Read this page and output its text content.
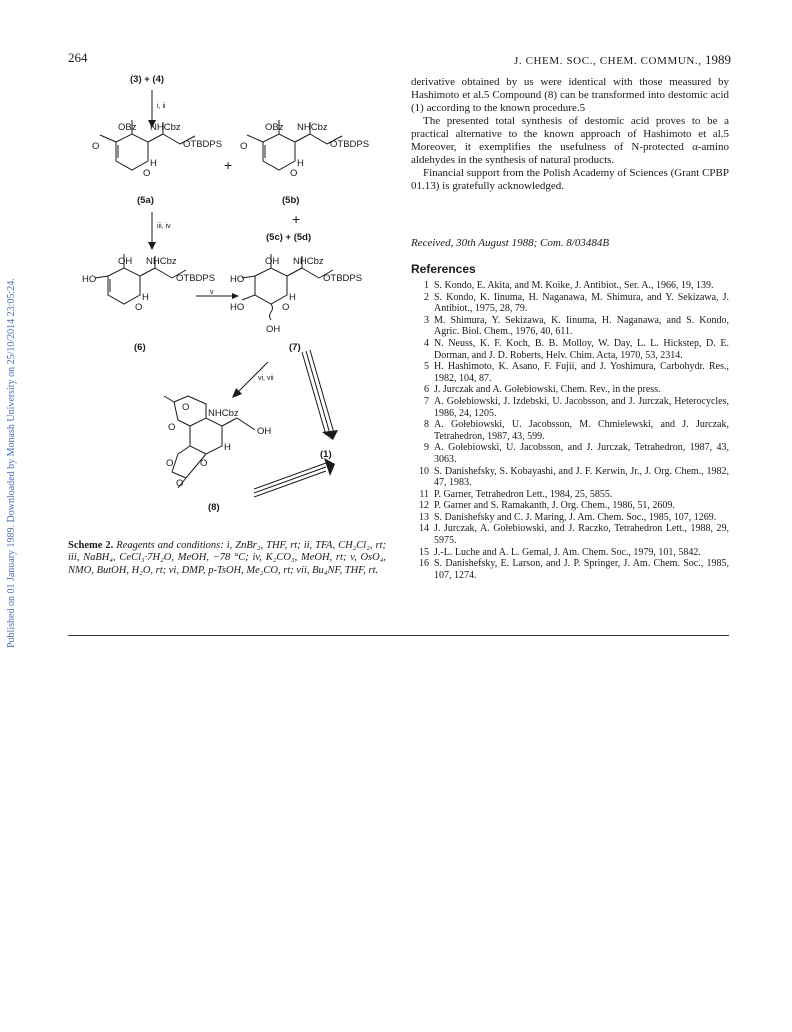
264	J. CHEM. SOC., CHEM. COMMUN., 1989
Published on 01 January 1989. Downloaded by Monash University on 25/10/2014 23:05:24.
(3) + (4)
i, ii
OBz NHCbz
OTBDPS
O
H
O
+
OBz NHCbz
OTBDPS
O
H
O
(5a)	(5b)
+
iii, iv
(5c) + (5d)
OH NHCbz
OTBDPS
HO
H
O
OH NHCbz
OTBDPS
HO
HO
H
O
OH
v
(6)	(7)
vi, vii
NHCbz
OH
O
O
H
O	O
O
(1)
(8)

derivative obtained by us were identical with those measured by Hashimoto et al.5 Compound (8) can be transformed into destomic acid (1) according to the known procedure.5

The presented total synthesis of destomic acid proves to be a practical alternative to the known approach of Hashimoto et al.5 Moreover, it exemplifies the usefulness of N-protected α-amino aldehydes in the synthesis of natural products.

Financial support from the Polish Academy of Sciences (Grant CPBP 01.13) is gratefully acknowledged.

Received, 30th August 1988; Com. 8/03484B
References
1 S. Kondo, E. Akita, and M. Koike, J. Antibiot., Ser. A., 1966, 19, 139.
2 S. Kondo, K. Iinuma, H. Naganawa, M. Shimura, and Y. Sekizawa, J. Antibiot., 1975, 28, 79.
3 M. Shimura, Y. Sekizawa, K. Iinuma, H. Naganawa, and S. Kondo, Agric. Biol. Chem., 1976, 40, 611.
4 N. Neuss, K. F. Koch, B. B. Molloy, W. Day, L. L. Hickstep, D. E. Dorman, and J. D. Roberts, Helv. Chim. Acta, 1970, 53, 2314.
5 H. Hashimoto, K. Asano, F. Fujii, and J. Yoshimura, Carbohydr. Res., 1982, 104, 87.
6 J. Jurczak and A. Gołebiowski, Chem. Rev., in the press.
7 A. Gołebiowski, J. Izdebski, U. Jacobsson, and J. Jurczak, Heterocycles, 1986, 24, 1205.
8 A. Gołebiowski, U. Jacobsson, M. Chmielewski, and J. Jurczak, Tetrahedron, 1987, 43, 599.
9 A. Gołebiowski, U. Jacobsson, and J. Jurczak, Tetrahedron, 1987, 43, 3063.
10 S. Danishefsky, S. Kobayashi, and J. F. Kerwin, Jr., J. Org. Chem., 1982, 47, 1983.
11 P. Garner, Tetrahedron Lett., 1984, 25, 5855.
12 P. Garner and S. Ramakanth, J. Org. Chem., 1986, 51, 2609.
13 S. Danishefsky and C. J. Maring, J. Am. Chem. Soc., 1985, 107, 1269.
14 J. Jurczak, A. Gołebiowski, and J. Raczko, Tetrahedron Lett., 1988, 29, 5975.
15 J.-L. Luche and A. L. Gemal, J. Am. Chem. Soc., 1979, 101, 5842.
16 S. Danishefsky, E. Larson, and J. P. Springer, J. Am. Chem. Soc., 1985, 107, 1274.
Scheme 2. Reagents and conditions: i, ZnBr₂, THF, rt; ii, TFA, CH₂Cl₂, rt; iii, NaBH₄, CeCl₃·7H₂O, MeOH, −78 °C; iv, K₂CO₃, MeOH, rt; v, OsO₄, NMO, ButOH, H₂O, rt; vi, DMP, p-TsOH, Me₂CO, rt; vii, Bu₄NF, THF, rt.
